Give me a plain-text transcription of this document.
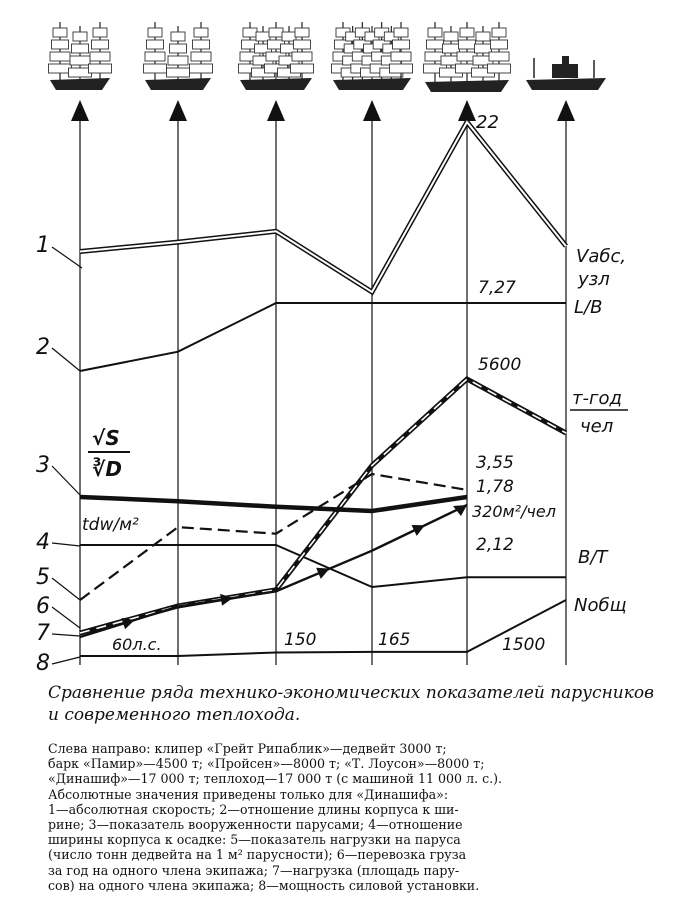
1
2
3
4
5
6
7
8
√S
∛D
tdw/м²
22
7,27
5600
3,55
1,78
320м²/чел
2,12
60л.с.	150	165	1500
Vабс,
узл
L/B
т-год
чел
B/T
Nобщ
Сравнение ряда технико-экономических показателей парусников и современного теплохода.
Слева направо: клипер «Грейт Рипаблик»—дедвейт 3000 т;
барк «Памир»—4500 т; «Пройсен»—8000 т; «Т. Лоусон»—8000 т;
«Динашиф»—17 000 т; теплоход—17 000 т (с машиной 11 000 л. с.).
Абсолютные значения приведены только для «Динашифа»:
1—абсолютная скорость; 2—отношение длины корпуса к ши-
рине; 3—показатель вооруженности парусами; 4—отношение
ширины корпуса к осадке: 5—показатель нагрузки на паруса
(число тонн дедвейта на 1 м² парусности); 6—перевозка груза
за год на одного члена экипажа; 7—нагрузка (площадь пару-
сов) на одного члена экипажа; 8—мощность силовой установки.
